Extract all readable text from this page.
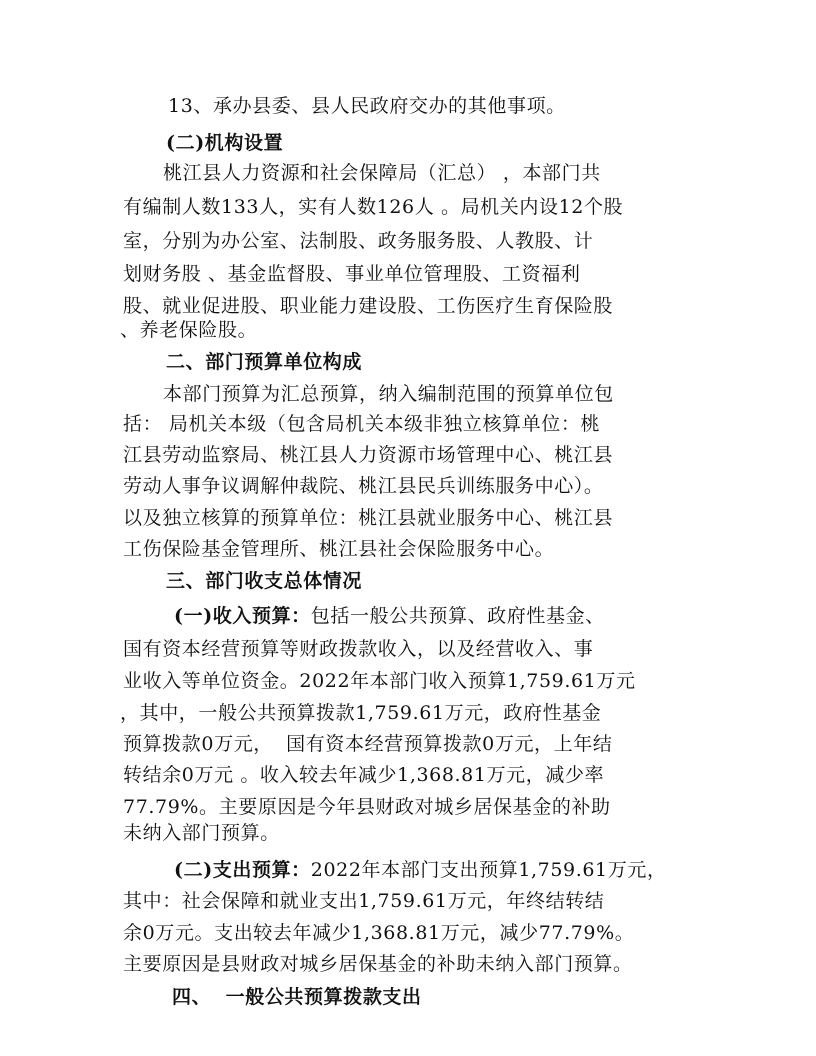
13、承办县委、县人民政府交办的其他事项。
(二)机构设置
桃江县人力资源和社会保障局（汇总） ，本部门共
有编制人数133人，实有人数126人 。局机关内设12个股
室，分别为办公室、法制股、政务服务股、人教股、计
划财务股 、基金监督股、事业单位管理股、工资福利
股、就业促进股、职业能力建设股、工伤医疗生育保险股
、养老保险股。
二、部门预算单位构成
本部门预算为汇总预算，纳入编制范围的预算单位包
括： 局机关本级（包含局机关本级非独立核算单位：桃
江县劳动监察局、桃江县人力资源市场管理中心、桃江县
劳动人事争议调解仲裁院、桃江县民兵训练服务中心）。
以及独立核算的预算单位：桃江县就业服务中心、桃江县
工伤保险基金管理所、桃江县社会保险服务中心。
三、部门收支总体情况
(一)收入预算：包括一般公共预算、政府性基金、
国有资本经营预算等财政拨款收入，以及经营收入、事
业收入等单位资金。2022年本部门收入预算1,759.61万元
，其中，一般公共预算拨款1,759.61万元，政府性基金
预算拨款0万元，  国有资本经营预算拨款0万元，上年结
转结余0万元 。收入较去年减少1,368.81万元，减少率
77.79%。主要原因是今年县财政对城乡居保基金的补助
未纳入部门预算。
(二)支出预算：2022年本部门支出预算1,759.61万元，
其中：社会保障和就业支出1,759.61万元，年终结转结
余0万元。支出较去年减少1,368.81万元，减少77.79%。
主要原因是县财政对城乡居保基金的补助未纳入部门预算。
四、  一般公共预算拨款支出
